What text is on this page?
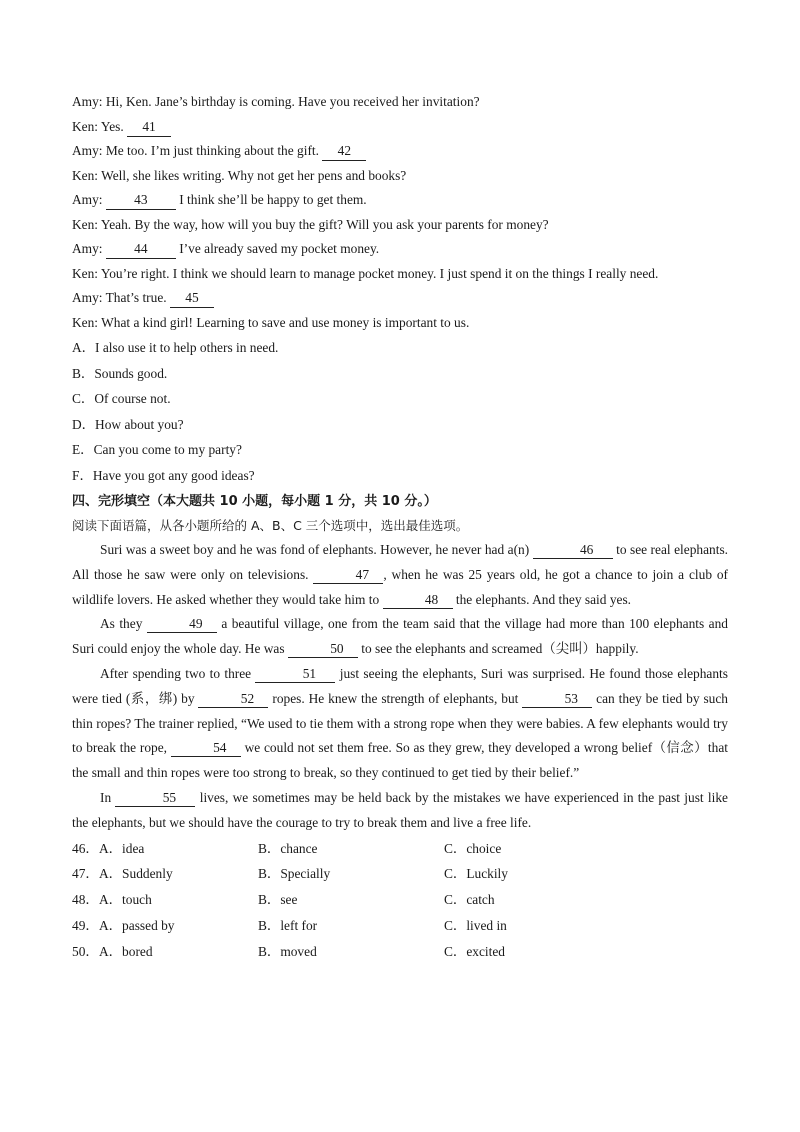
Amy: Hi, Ken. Jane’s birthday is coming. Have you received her invitation?
Ken: Yes. 41
Amy: Me too. I’m just thinking about the gift. 42
Ken: Well, she likes writing. Why not get her pens and books?
Amy: 43 I think she’ll be happy to get them.
Ken: Yeah. By the way, how will you buy the gift? Will you ask your parents for money?
Amy: 44 I’ve already saved my pocket money.
Ken: You’re right. I think we should learn to manage pocket money. I just spend it on the things I really need.
Amy: That’s true. 45
Ken: What a kind girl! Learning to save and use money is important to us.
A．I also use it to help others in need.
B．Sounds good.
C．Of course not.
D．How about you?
E．Can you come to my party?
F．Have you got any good ideas?
四、完形填空（本大题共 10 小题，每小题 1 分，共 10 分。）
阅读下面语篇，从各小题所给的 A、B、C 三个选项中，选出最佳选项。

Suri was a sweet boy and he was fond of elephants. However, he never had a(n)	46 to see real elephants. All those he saw were only on televisions.	47 , when he was 25 years old, he got a chance to join a club of wildlife lovers. He asked whether they would take him to	48 the elephants. And they said yes.

As they	49 a beautiful village, one from the team said that the village had more than 100 elephants and Suri could enjoy the whole day. He was	50 to see the elephants and screamed（尖叫）happily.

After spending two to three	51 just seeing the elephants, Suri was surprised. He found those elephants were tied (系，绑) by	52 ropes. He knew the strength of elephants, but	53 can they be tied by such thin ropes? The trainer replied, “We used to tie them with a strong rope when they were babies. A few elephants would try to break the rope,	54 we could not set them free. So as they grew, they developed a wrong belief（信念）that the small and thin ropes were too strong to break, so they continued to get tied by their belief.”

In	55 lives, we sometimes may be held back by the mistakes we have experienced in the past just like the elephants, but we should have the courage to try to break them and live a free life.

46． A．idea	B．chance	C．choice
47． A．Suddenly	B．Specially	C．Luckily
48． A．touch	B．see	C．catch
49． A．passed by	B．left for	C．lived in
50． A．bored	B．moved	C．excited
